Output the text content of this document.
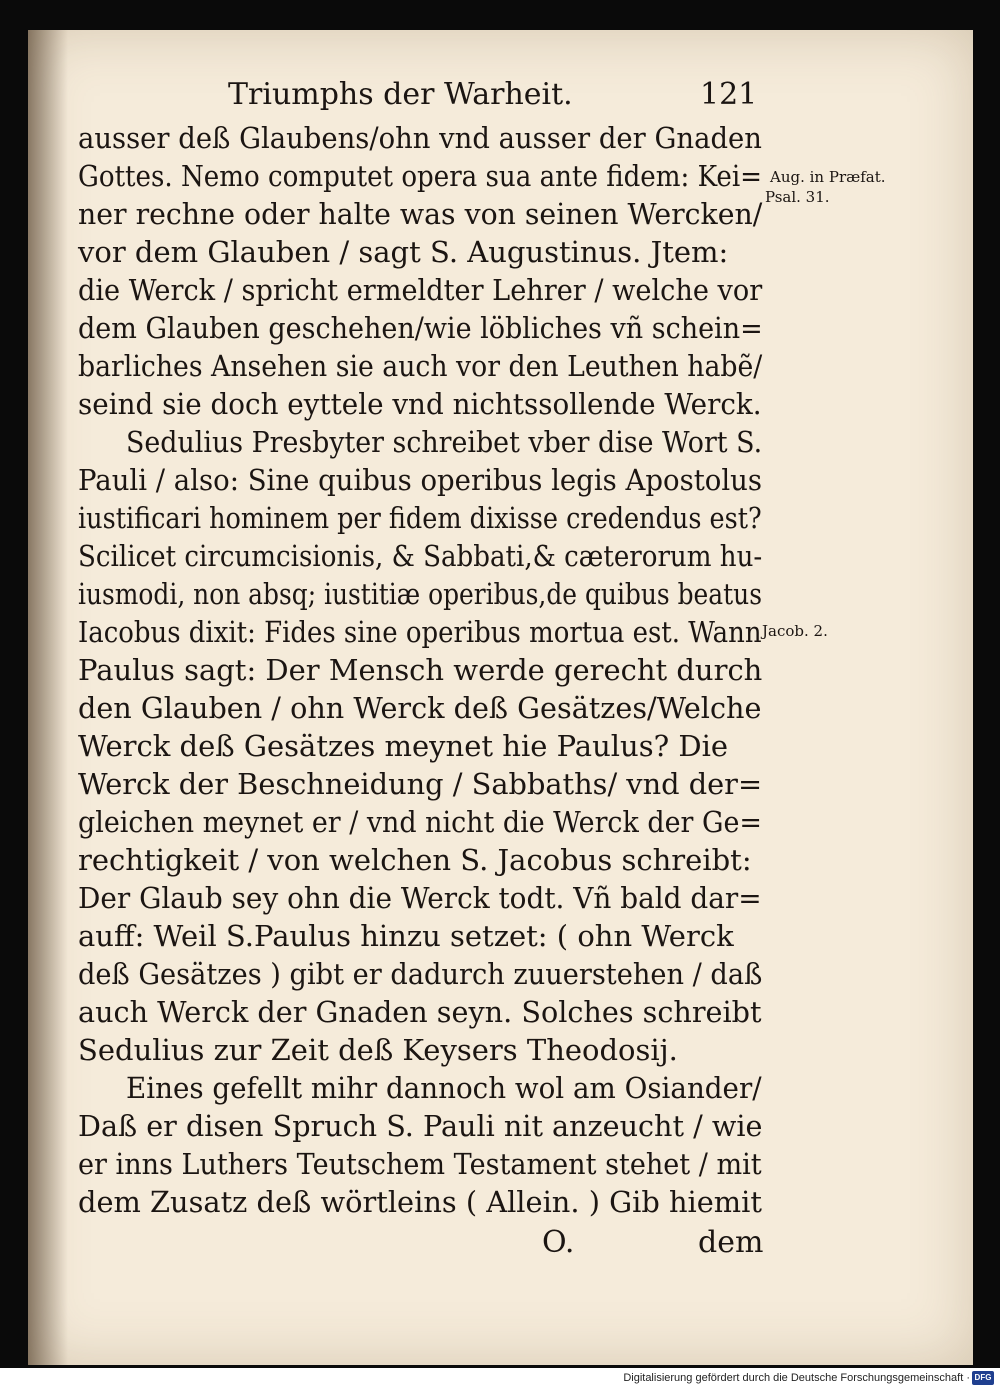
Triumphs der Warheit.	121

ausser deß Glaubens/ohn vnd ausser der Gnaden

Gottes. Nemo computet opera sua ante fidem: Kei=

ner rechne oder halte was von seinen Wercken/

vor dem Glauben / sagt S. Augustinus. Jtem:

die Werck / spricht ermeldter Lehrer / welche vor

dem Glauben geschehen/wie löbliches vñ schein=

barliches Ansehen sie auch vor den Leuthen habẽ/

seind sie doch eyttele vnd nichtssollende Werck.

Sedulius Presbyter schreibet vber dise Wort S.

Pauli / also: Sine quibus operibus legis Apostolus

iustificari hominem per fidem dixisse credendus est?

Scilicet circumcisionis, & Sabbati,& cæterorum hu-

iusmodi, non absq; iustitiæ operibus,de quibus beatus

Iacobus dixit: Fides sine operibus mortua est. Wann

Paulus sagt: Der Mensch werde gerecht durch

den Glauben / ohn Werck deß Gesätzes/Welche

Werck deß Gesätzes meynet hie Paulus? Die

Werck der Beschneidung / Sabbaths/ vnd der=

gleichen meynet er / vnd nicht die Werck der Ge=

rechtigkeit / von welchen S. Jacobus schreibt:

Der Glaub sey ohn die Werck todt. Vñ bald dar=

auff: Weil S.Paulus hinzu setzet: ( ohn Werck

deß Gesätzes ) gibt er dadurch zuuerstehen / daß

auch Werck der Gnaden seyn. Solches schreibt

Sedulius zur Zeit deß Keysers Theodosij.

Eines gefellt mihr dannoch wol am Osiander/

Daß er disen Spruch S. Pauli nit anzeucht / wie

er inns Luthers Teutschem Testament stehet / mit

dem Zusatz deß wörtleins ( Allein. ) Gib hiemit

Aug. in Præfat.

Psal. 31.

Jacob. 2.

O.	dem

Digitalisierung gefördert durch die Deutsche Forschungsgemeinschaft · DFG
